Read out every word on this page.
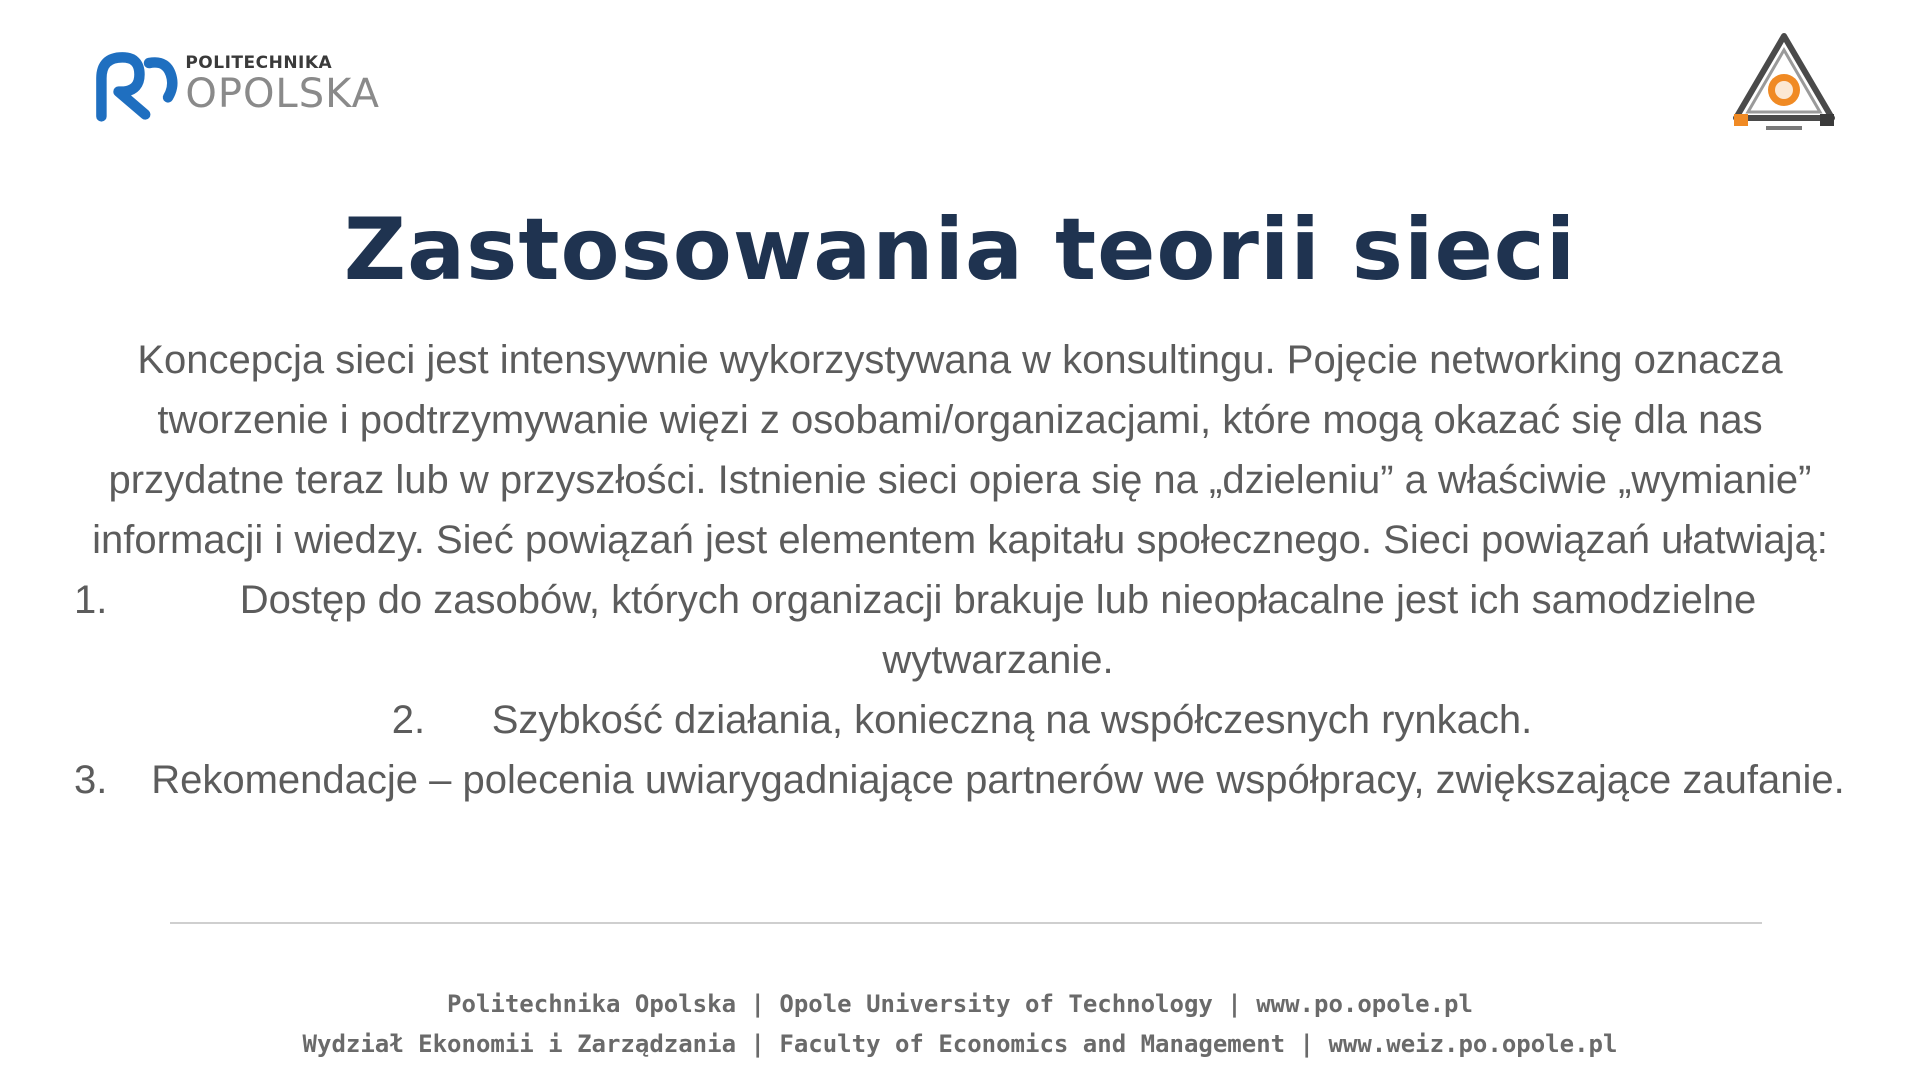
POLITECHNIKA
OPOLSKA
Zastosowania teorii sieci

Koncepcja sieci jest intensywnie wykorzystywana w konsultingu. Pojęcie networking oznacza tworzenie i podtrzymywanie więzi z osobami/organizacjami, które mogą okazać się dla nas przydatne teraz lub w przyszłości. Istnienie sieci opiera się na „dzieleniu” a właściwie „wymianie” informacji i wiedzy. Sieć powiązań jest elementem kapitału społecznego. Sieci powiązań ułatwiają:

1.	Dostęp do zasobów, których organizacji brakuje lub nieopłacalne jest ich samodzielne wytwarzanie.
2.	Szybkość działania, konieczną na współczesnych rynkach.
3.	Rekomendacje – polecenia uwiarygadniające partnerów we współpracy, zwiększające zaufanie.
Politechnika Opolska | Opole University of Technology | www.po.opole.pl
Wydział Ekonomii i Zarządzania | Faculty of Economics and Management | www.weiz.po.opole.pl
